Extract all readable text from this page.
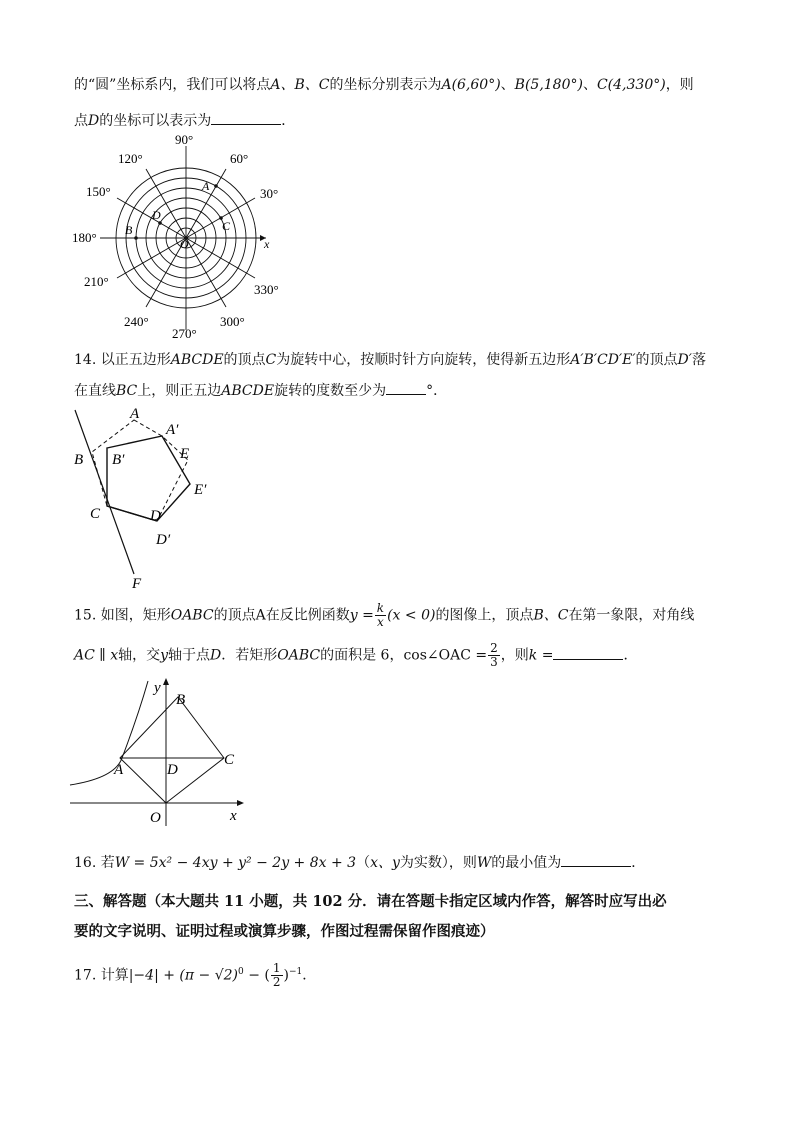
的“圆”坐标系内，我们可以将点A、B、C的坐标分别表示为A(6,60°)、B(5,180°)、C(4,330°)，则
点D的坐标可以表示为	．
90°
60°
30°
120°
150°
180°
210°
240°
270°
300°
330°
A
B	C
D
O	x
14. 以正五边形ABCDE的顶点C为旋转中心，按顺时针方向旋转，使得新五边形A′B′CD′E′的顶点D′落
在直线BC上，则正五边ABCDE旋转的度数至少为	°．
A
A′
B B′	E
E′
C	D
D′
F
15. 如图，矩形OABC的顶点A在反比例函数$y = \frac{k}{x} (x < 0)$的图像上，顶点B、C在第一象限，对角线
AC ∥ x轴，交y轴于点D．若矩形OABC的面积是 6，cos∠OAC = $\frac{2}{3}$ ，则k =	．
y
x
O
A
B
C
D
16. 若W = 5x² − 4xy + y² − 2y + 8x + 3（x、y为实数），则W的最小值为	．
三、解答题（本大题共 11 小题，共 102 分．请在答题卡指定区域内作答，解答时应写出必
要的文字说明、证明过程或演算步骤，作图过程需保留作图痕迹）
17. 计算$|-4| + (\pi - √2)^0$ − ( $\frac{1}{2} )^{-1}$．
